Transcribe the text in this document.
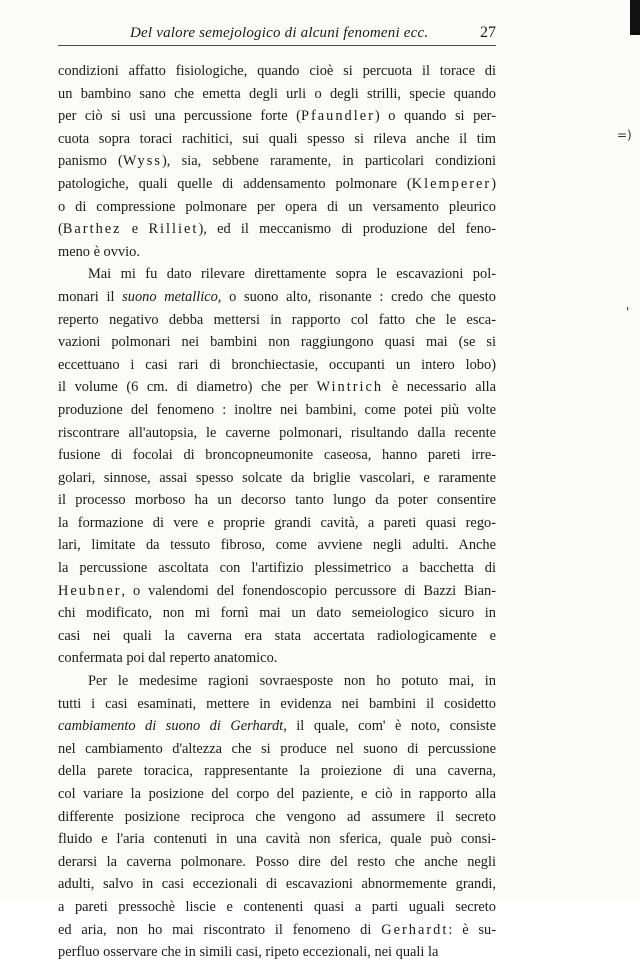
Del valore semejologico di alcuni fenomeni ecc.	27
condizioni affatto fisiologiche, quando cioè si percuota il torace di
un bambino sano che emetta degli urli o degli strilli, specie quando
per ciò si usi una percussione forte (Pfaundler) o quando si per-
cuota sopra toraci rachitici, sui quali spesso si rileva anche il tim
panismo (Wyss), sia, sebbene raramente, in particolari condizioni
patologiche, quali quelle di addensamento polmonare (Klemperer)
o di compressione polmonare per opera di un versamento pleurico
(Barthez e Rilliet), ed il meccanismo di produzione del feno-
meno è ovvio.
Mai mi fu dato rilevare direttamente sopra le escavazioni pol-
monari il suono metallico, o suono alto, risonante : credo che questo
reperto negativo debba mettersi in rapporto col fatto che le esca-
vazioni polmonari nei bambini non raggiungono quasi mai (se si
eccettuano i casi rari di bronchiectasie, occupanti un intero lobo)
il volume (6 cm. di diametro) che per Wintrich è necessario alla
produzione del fenomeno : inoltre nei bambini, come potei più volte
riscontrare all'autopsia, le caverne polmonari, risultando dalla recente
fusione di focolai di broncopneumonite caseosa, hanno pareti irre-
golari, sinnose, assai spesso solcate da briglie vascolari, e raramente
il processo morboso ha un decorso tanto lungo da poter consentire
la formazione di vere e proprie grandi cavità, a pareti quasi rego-
lari, limitate da tessuto fibroso, come avviene negli adulti. Anche
la percussione ascoltata con l'artifizio plessimetrico a bacchetta di
Heubner, o valendomi del fonendoscopio percussore di Bazzi Bian-
chi modificato, non mi fornì mai un dato semeiologico sicuro in
casi nei quali la caverna era stata accertata radiologicamente e
confermata poi dal reperto anatomico.
Per le medesime ragioni sovraesposte non ho potuto mai, in
tutti i casi esaminati, mettere in evidenza nei bambini il cosidetto
cambiamento di suono di Gerhardt, il quale, com' è noto, consiste
nel cambiamento d'altezza che si produce nel suono di percussione
della parete toracica, rappresentante la proiezione di una caverna,
col variare la posizione del corpo del paziente, e ciò in rapporto alla
differente posizione reciproca che vengono ad assumere il secreto
fluido e l'aria contenuti in una cavità non sferica, quale può consi-
derarsi la caverna polmonare. Posso dire del resto che anche negli
adulti, salvo in casi eccezionali di escavazioni abnormemente grandi,
a pareti pressochè liscie e contenenti quasi a parti uguali secreto
ed aria, non ho mai riscontrato il fenomeno di Gerhardt: è su-
perfluo osservare che in simili casi, ripeto eccezionali, nei quali la
=)
'
